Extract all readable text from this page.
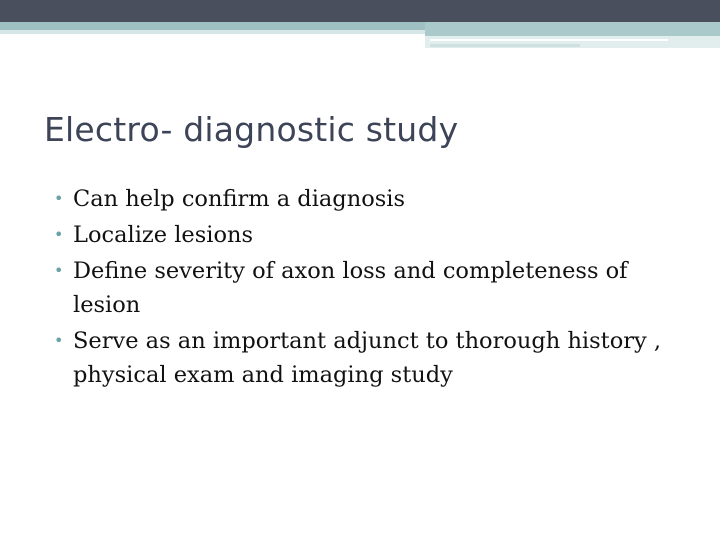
Electro- diagnostic study
• Can help confirm a diagnosis
• Localize lesions
• Define severity of axon loss and completeness of lesion
• Serve as an important adjunct to thorough history , physical exam and imaging study
